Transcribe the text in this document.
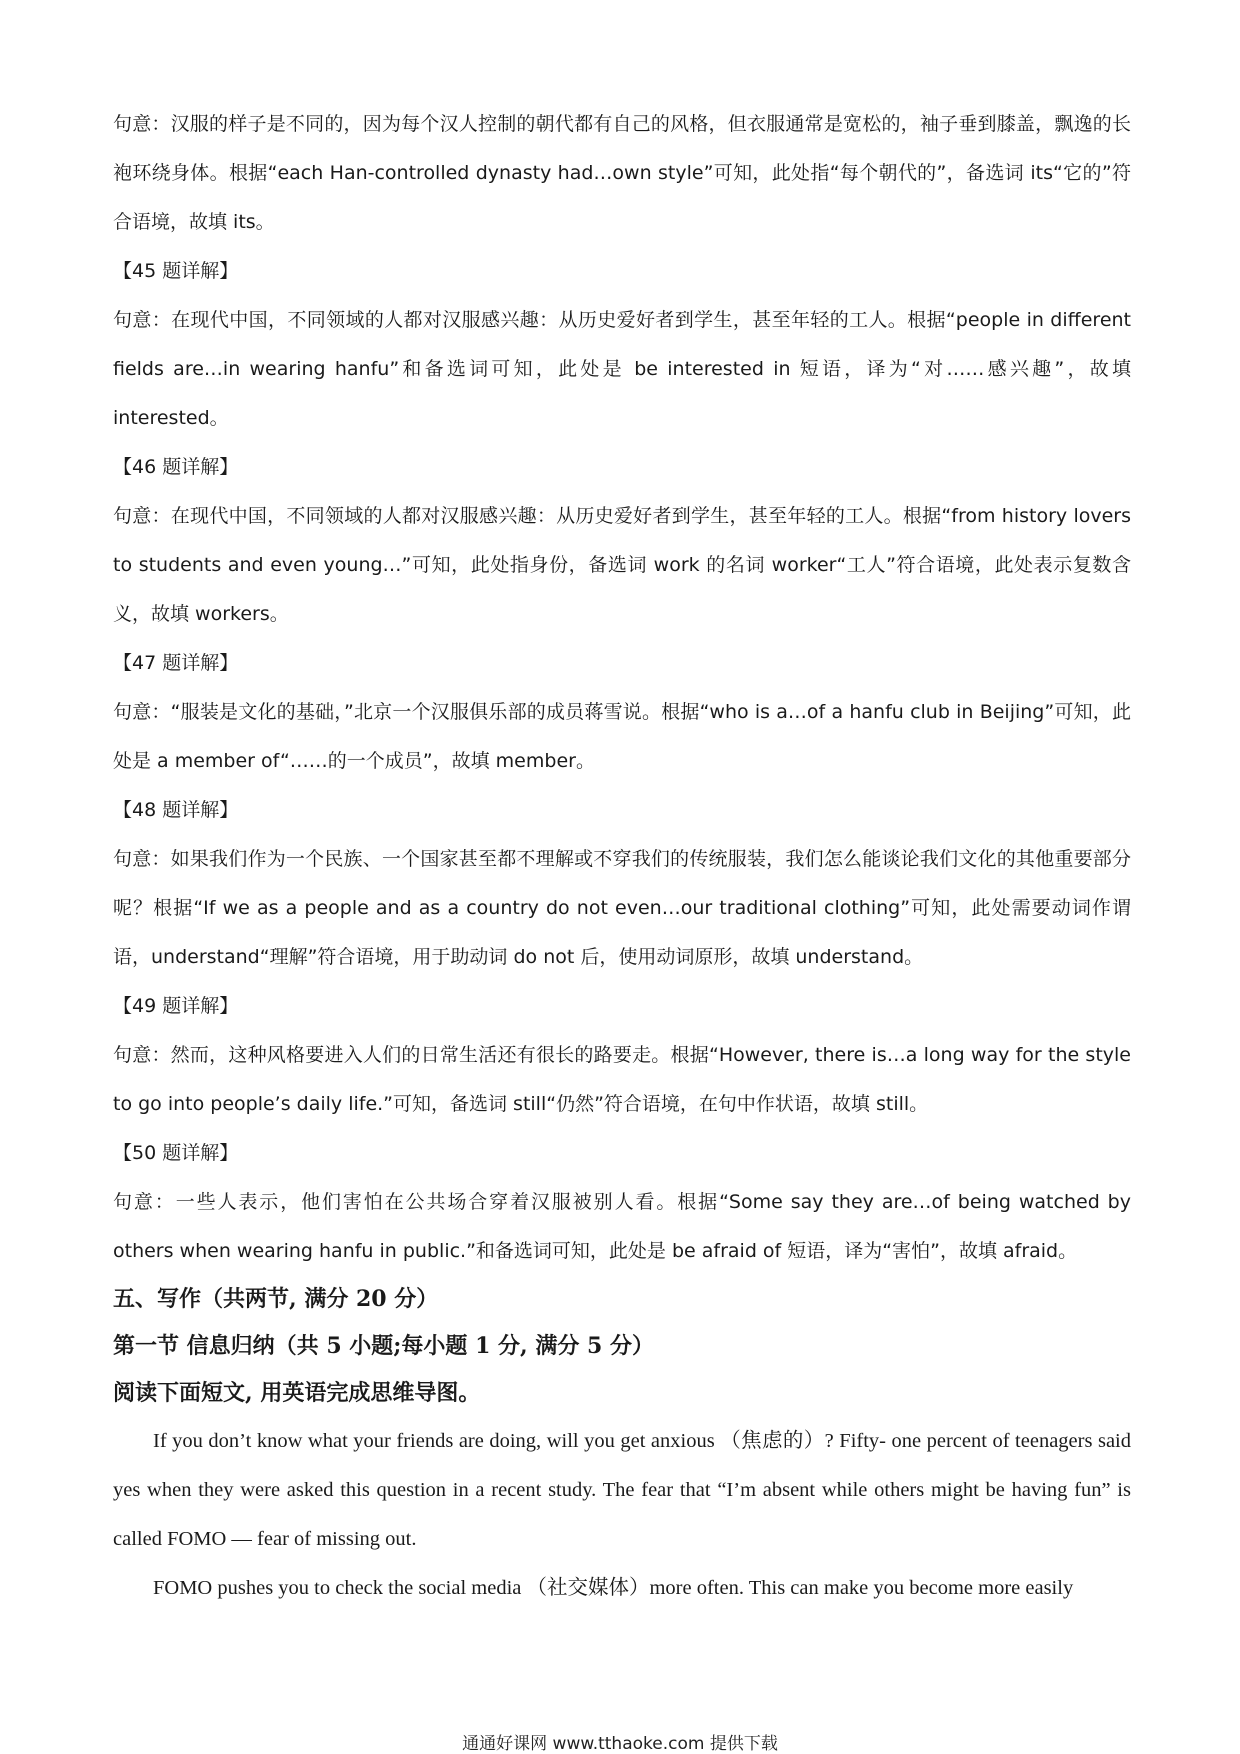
句意：汉服的样子是不同的，因为每个汉人控制的朝代都有自己的风格，但衣服通常是宽松的，袖子垂到膝盖，飘逸的长袍环绕身体。根据“each Han-controlled dynasty had…own style”可知，此处指“每个朝代的”，备选词 its“它的”符合语境，故填 its。

【45 题详解】

句意：在现代中国，不同领域的人都对汉服感兴趣：从历史爱好者到学生，甚至年轻的工人。根据“people in different fields are…in wearing hanfu”和备选词可知，此处是 be interested in 短语，译为“对……感兴趣”，故填 interested。

【46 题详解】

句意：在现代中国，不同领域的人都对汉服感兴趣：从历史爱好者到学生，甚至年轻的工人。根据“from history lovers to students and even young…”可知，此处指身份，备选词 work 的名词 worker“工人”符合语境，此处表示复数含义，故填 workers。

【47 题详解】

句意：“服装是文化的基础，”北京一个汉服俱乐部的成员蒋雪说。根据“who is a…of a hanfu club in Beijing”可知，此处是 a member of“……的一个成员”，故填 member。

【48 题详解】

句意：如果我们作为一个民族、一个国家甚至都不理解或不穿我们的传统服装，我们怎么能谈论我们文化的其他重要部分呢？根据“If we as a people and as a country do not even…our traditional clothing”可知，此处需要动词作谓语，understand“理解”符合语境，用于助动词 do not 后，使用动词原形，故填 understand。

【49 题详解】

句意：然而，这种风格要进入人们的日常生活还有很长的路要走。根据“However, there is…a long way for the style to go into people’s daily life.”可知，备选词 still“仍然”符合语境，在句中作状语，故填 still。

【50 题详解】

句意：一些人表示，他们害怕在公共场合穿着汉服被别人看。根据“Some say they are…of being watched by others when wearing hanfu in public.”和备选词可知，此处是 be afraid of 短语，译为“害怕”，故填 afraid。

五、写作（共两节, 满分 20 分）

第一节 信息归纳（共 5 小题;每小题 1 分, 满分 5 分）

阅读下面短文, 用英语完成思维导图。

If you don’t know what your friends are doing, will you get anxious （焦虑的）? Fifty- one percent of teenagers said yes when they were asked this question in a recent study. The fear that “I’m absent while others might be having fun” is called FOMO — fear of missing out.

FOMO pushes you to check the social media （社交媒体）more often. This can make you become more easily

通通好课网 www.tthaoke.com 提供下载
